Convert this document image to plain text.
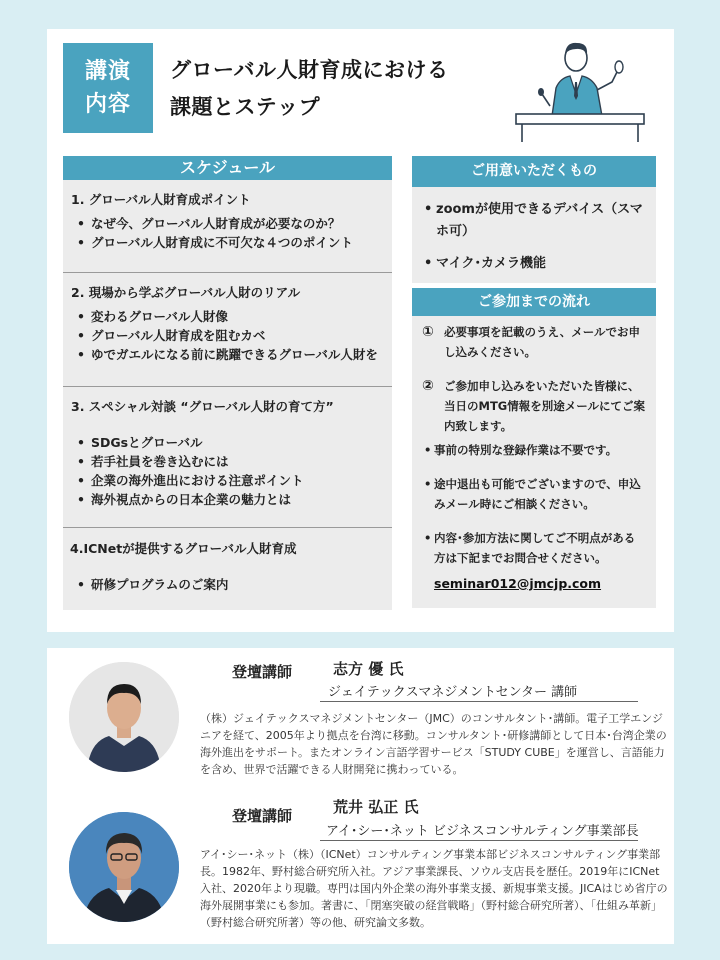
講演
内容
グローバル人財育成における
課題とステップ
スケジュール
1. グローバル人財育成ポイント
• なぜ今、グローバル人財育成が必要なのか？
• グローバル人財育成に不可欠な４つのポイント
2. 現場から学ぶグローバル人財のリアル
• 変わるグローバル人財像
• グローバル人財育成を阻むカベ
• ゆでガエルになる前に跳躍できるグローバル人財を
3. スペシャル対談 “グローバル人財の育て方”
• SDGsとグローバル
• 若手社員を巻き込むには
• 企業の海外進出における注意ポイント
• 海外視点からの日本企業の魅力とは
4.ICNetが提供するグローバル人財育成
• 研修プログラムのご案内
ご用意いただくもの
• zoomが使用できるデバイス（スマホ可）
• マイク･カメラ機能
ご参加までの流れ
① 必要事項を記載のうえ、メールでお申し込みください。
② ご参加申し込みをいただいた皆様に、当日のMTG情報を別途メールにてご案内致します。
• 事前の特別な登録作業は不要です。
• 途中退出も可能でございますので、申込みメール時にご相談ください。
• 内容･参加方法に関してご不明点がある方は下記までお問合せください。
seminar012@jmcjp.com
登壇講師	志方 優 氏
ジェイテックスマネジメントセンター 講師
（株）ジェイテックスマネジメントセンター（JMC）のコンサルタント･講師。電子工学エンジニアを経て、2005年より拠点を台湾に移動。コンサルタント･研修講師として日本･台湾企業の海外進出をサポート。またオンライン言語学習サービス「STUDY CUBE」を運営し、言語能力を含め、世界で活躍できる人財開発に携わっている。
登壇講師	荒井 弘正 氏
アイ･シー･ネット ビジネスコンサルティング事業部長
アイ･シー･ネット（株）（ICNet）コンサルティング事業本部ビジネスコンサルティング事業部長。1982年、野村総合研究所入社。アジア事業課長、ソウル支店長を歴任。2019年にICNet入社、2020年より現職。専門は国内外企業の海外事業支援、新規事業支援。JICAはじめ省庁の海外展開事業にも参加。著書に、「閉塞突破の経営戦略」（野村総合研究所著）、「仕組み革新」（野村総合研究所著）等の他、研究論文多数。
